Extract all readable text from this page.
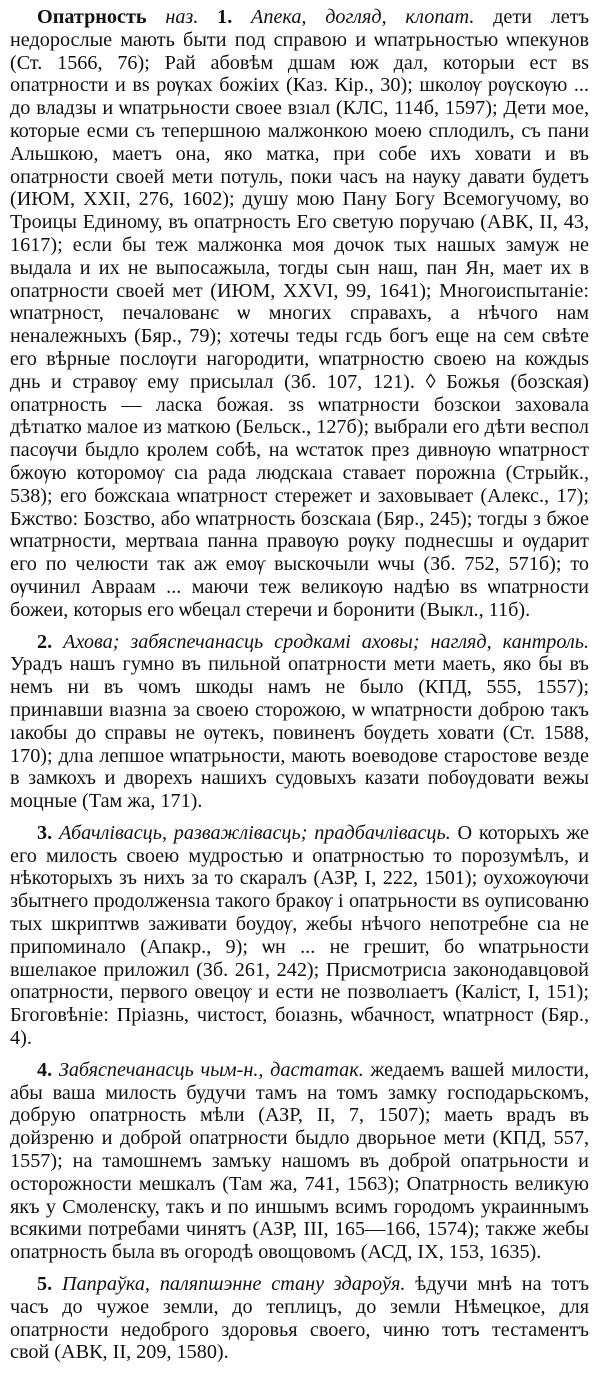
Опатрность наз. 1. Апека, догляд, клопат. дети летъ недорослые мають быти под справою и ѡпатрьностью ѡпекунов (Ст. 1566, 76); Рай абовѣм дшам юж дал, которыи ест вs опатрности и вs рѹках божіих (Каз. Кір., 30); школѹ рѹскѹю ... до владзы и ѡпатрьности своее взıал (КЛС, 114б, 1597); Дети мое, которые есми съ тепершною малжонкою моею сплодилъ, съ пани Альшкою, маетъ она, яко матка, при собе ихъ ховати и въ опатрности своей мети потуль, поки часъ на науку давати будетъ (ИЮМ, XXII, 276, 1602); душу мою Пану Богу Всемогучому, во Троицы Единому, въ опатрность Его светую поручаю (АВК, II, 43, 1617); если бы теж малжонка моя дочок тых нашых замуж не выдала и их не выпосажыла, тогды сын наш, пан Ян, мает их в опатрности своей мет (ИЮМ, XXVI, 99, 1641); Многоиспытаніе: ѡпатрност, печалованє ѡ многих справахъ, а нѣчого нам неналежныхъ (Бяр., 79); хотечы теды гсдь богъ еще на сем свѣте его вѣрные послѹги нагородити, ѡпатрностю своею на кождыs днь и стравѹ ему присылал (Зб. 107, 121). ◊ Божья (бозская) опатрность — ласка божая. зs ѡпатрности бозскои заховала дѣтıатко малое из маткою (Бельск., 127б); выбрали его дѣти веспол пасѹчи быдло кролем собѣ, на ѡстаток през дивнѹю ѡпатрност бжѹю которомѹ сıа рада людскаıа ставает порожнıа (Стрыйк., 538); его божскаıа ѡпатрност стережет и заховывает (Алекс., 17); Бжство: Бозство, або ѡпатрность бозскаıа (Бяр., 245); тогды з бжое ѡпатрности, мертваıа панна правѹю рѹку поднесшы и ѹдарит его по челюсти так аж емѹ выскочыли ѡчы (Зб. 752, 571б); то ѹчинил Авраам ... маючи теж великѹю надѣю вs ѡпатрности божеи, которыs его ѡбецал стеречи и боронити (Выкл., 11б).

2. Ахова; забяспечанасць сродкамі аховы; нагляд, кантроль. Урадъ нашъ гумно въ пильной опатрности мети маеть, яко бы въ немъ ни въ чомъ шкоды намъ не было (КПД, 555, 1557); принıавши вıазнıа за своею сторожою, ѡ ѡпатрности доброю такъ ıакобы до справы не ѹтекъ, повиненъ бѹдеть ховати (Ст. 1588, 170); длıа лепшое ѡпатрьности, мають воеводове старостове везде в замкохъ и дворехъ нашихъ судовыхъ казати побѹдовати вежы моцные (Там жа, 171).

3. Абачлівасць, разважлівасць; прадбачлівасць. О которыхъ же его милость своею мудростью и опатрностью то порозумѣлъ, и нѣкоторыхъ зъ нихъ за то скаралъ (АЗР, I, 222, 1501); оухожѹючи збытнего продолженsıа такого бракѹ і опатрьности вs оуписованю тых шкриптѡв заживати боудѹ, жебы нѣчого непотребне сıа не припоминало (Апакр., 9); ѡн ... не грешит, бо ѡпатрьности вшелıакое приложил (Зб. 261, 242); Присмотрисıа законодавцовой опатрности, первого овецѹ и ести не позволıаетъ (Каліст, I, 151); Бгоговѣніе: Пріазнь, чистост, боıазнь, ѡбачност, ѡпатрност (Бяр., 4).

4. Забяспечанасць чым-н., дастатак. жедаемъ вашей милости, абы ваша милость будучи тамъ на томъ замку господарьскомъ, добрую опатрность мѣли (АЗР, II, 7, 1507); маеть врадъ въ дойзреню и доброй опатрности быдло дворьное мети (КПД, 557, 1557); на тамошнемъ замъку нашомъ въ доброй опатрьности и осторожности мешкалъ (Там жа, 741, 1563); Опатрность великую якъ у Смоленску, такъ и по иншымъ всимъ городомъ украиннымъ всякими потребами чинятъ (АЗР, III, 165—166, 1574); также жебы опатрность была въ огородѣ овощовомъ (АСД, IX, 153, 1635).

5. Папраўка, паляпшэнне стану здароўя. ѣдучи мнѣ на тотъ часъ до чужое земли, до теплицъ, до земли Нѣмецкое, для опатрности недоброго здоровья своего, чиню тотъ тестаментъ свой (АВК, II, 209, 1580).
